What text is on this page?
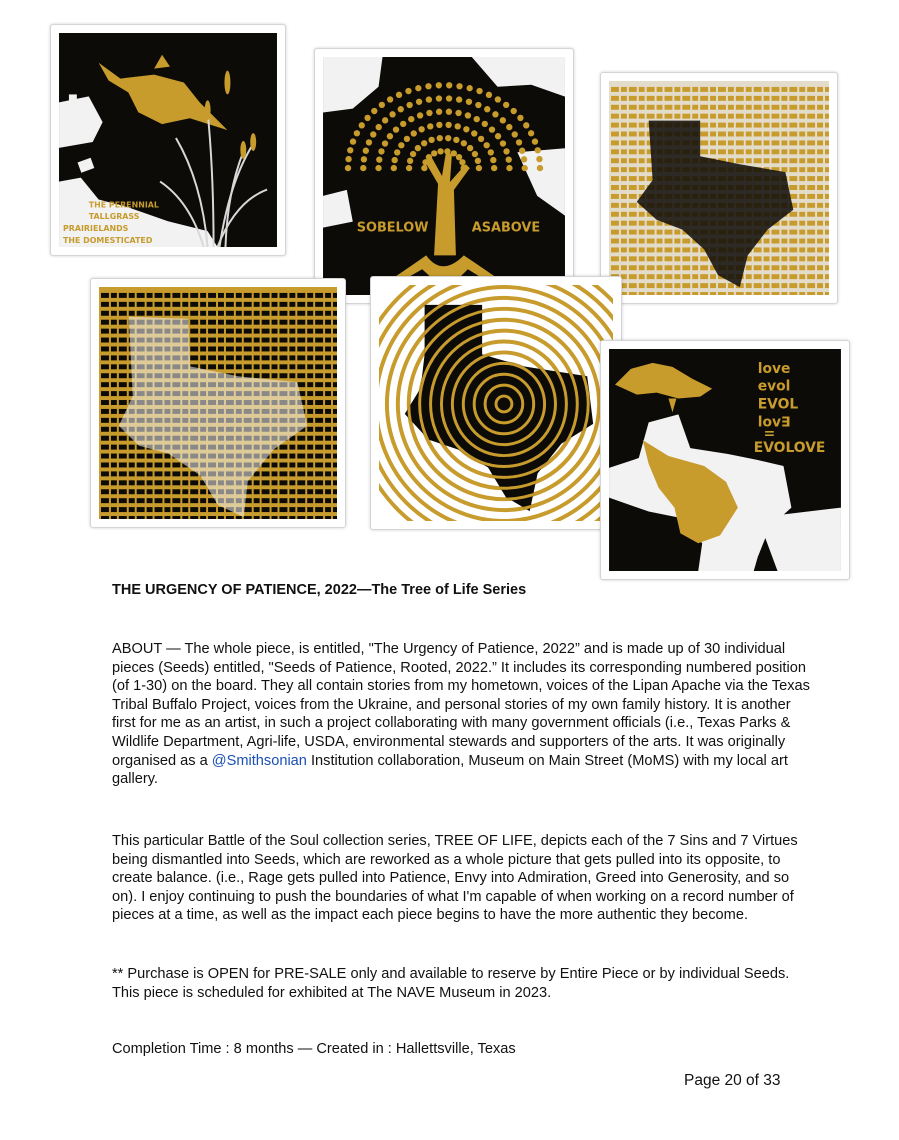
THE PERENNIAL
TALLGRASS
PRAIRIELANDS
THE DOMESTICATED
SOBELOW	ASABOVE
love
evol
EVOL
lov∃
=
EVOLOVE
THE URGENCY OF PATIENCE, 2022—The Tree of Life Series

ABOUT — The whole piece, is entitled, "The Urgency of Patience, 2022” and is made up of 30 individual pieces (Seeds) entitled, "Seeds of Patience, Rooted, 2022.” It includes its corresponding numbered position (of 1-30) on the board. They all contain stories from my hometown, voices of the Lipan Apache via the Texas Tribal Buffalo Project, voices from the Ukraine, and personal stories of my own family history. It is another first for me as an artist, in such a project collaborating with many government officials (i.e., Texas Parks & Wildlife Department, Agri-life, USDA, environmental stewards and supporters of the arts. It was originally organised as a @Smithsonian Institution collaboration, Museum on Main Street (MoMS) with my local art gallery.

This particular Battle of the Soul collection series, TREE OF LIFE, depicts each of the 7 Sins and 7 Virtues being dismantled into Seeds, which are reworked as a whole picture that gets pulled into its opposite, to create balance. (i.e., Rage gets pulled into Patience, Envy into Admiration, Greed into Generosity, and so on). I enjoy continuing to push the boundaries of what I'm capable of when working on a record number of pieces at a time, as well as the impact each piece begins to have the more authentic they become.

** Purchase is OPEN for PRE-SALE only and available to reserve by Entire Piece or by individual Seeds. This piece is scheduled for exhibited at The NAVE Museum in 2023.

Completion Time : 8 months — Created in : Hallettsville, Texas

Page 20 of 33
